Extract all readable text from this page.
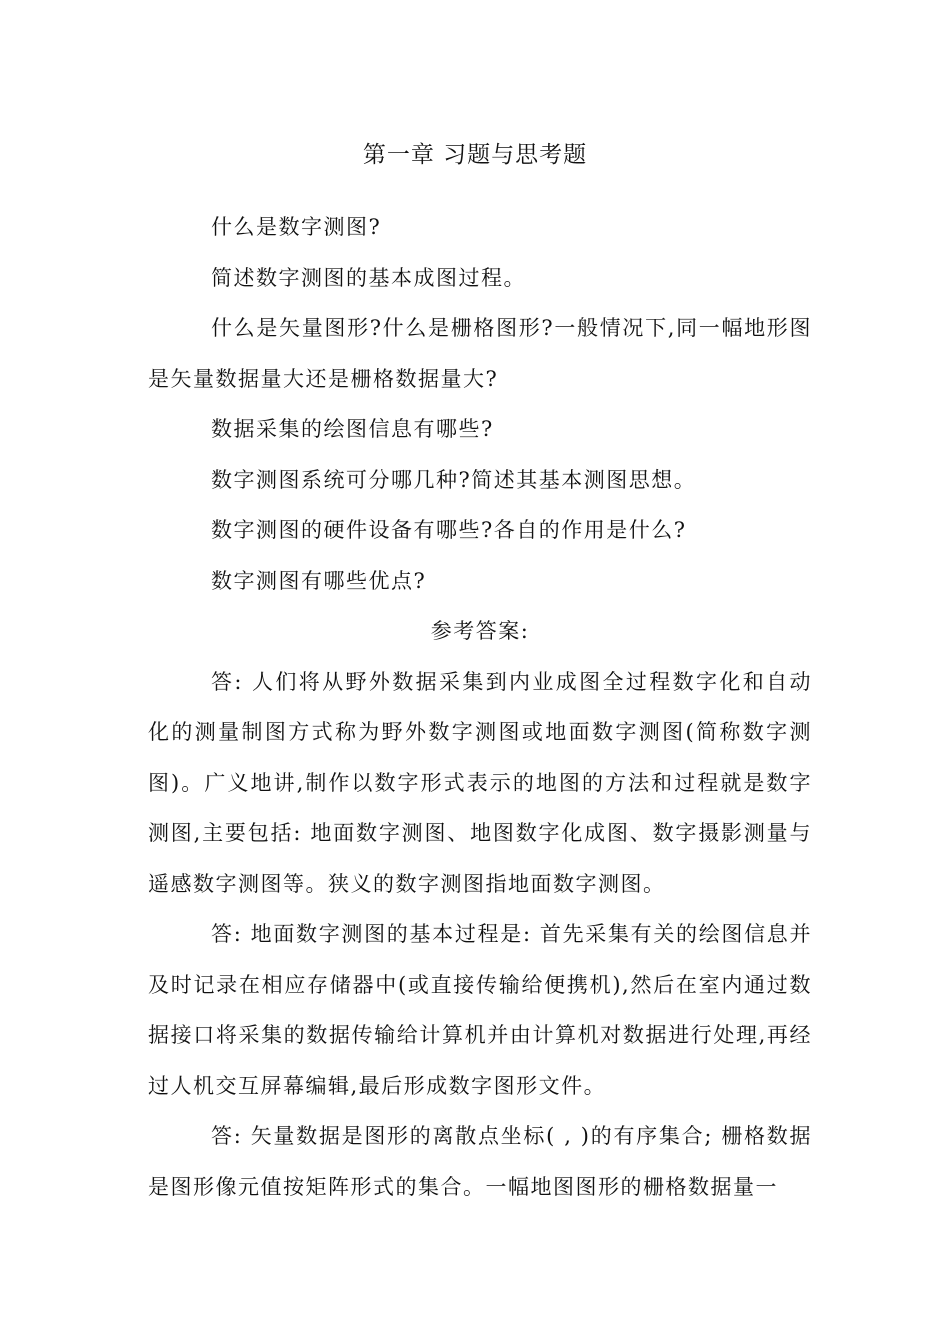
第一章 习题与思考题

什么是数字测图?

简述数字测图的基本成图过程。

什么是矢量图形?什么是栅格图形?一般情况下,同一幅地形图是矢量数据量大还是栅格数据量大?

数据采集的绘图信息有哪些?

数字测图系统可分哪几种?简述其基本测图思想。

数字测图的硬件设备有哪些?各自的作用是什么?

数字测图有哪些优点?

参考答案:

答: 人们将从野外数据采集到内业成图全过程数字化和自动化的测量制图方式称为野外数字测图或地面数字测图(简称数字测图)。广义地讲,制作以数字形式表示的地图的方法和过程就是数字测图,主要包括: 地面数字测图、地图数字化成图、数字摄影测量与遥感数字测图等。狭义的数字测图指地面数字测图。

答: 地面数字测图的基本过程是: 首先采集有关的绘图信息并及时记录在相应存储器中(或直接传输给便携机),然后在室内通过数据接口将采集的数据传输给计算机并由计算机对数据进行处理,再经过人机交互屏幕编辑,最后形成数字图形文件。

答: 矢量数据是图形的离散点坐标( , )的有序集合; 栅格数据是图形像元值按矩阵形式的集合。一幅地图图形的栅格数据量一
